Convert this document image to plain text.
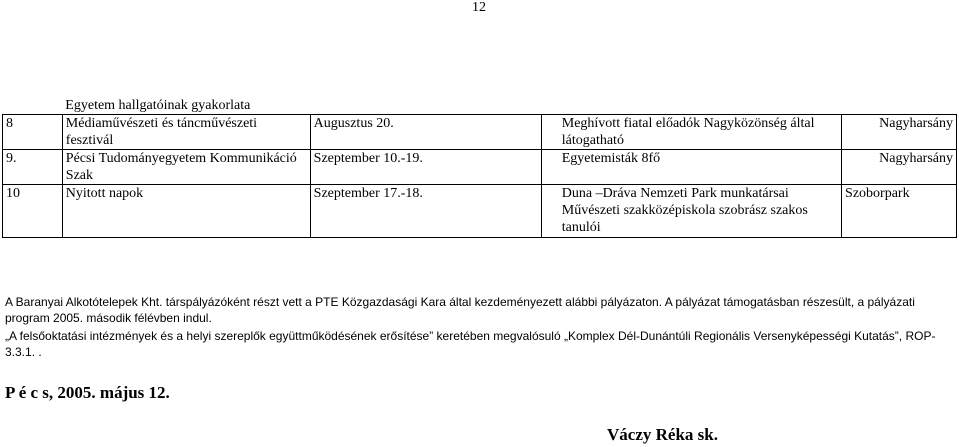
12
	Egyetem hallgatóinak gyakorlata			
8	Médiaművészeti és táncművészeti fesztivál	Augusztus 20.	Meghívott fiatal előadók Nagyközönség által látogatható	Nagyharsány
9.	Pécsi Tudományegyetem Kommunikáció Szak	Szeptember 10.-19.	Egyetemisták 8fő	Nagyharsány
10	Nyitott napok	Szeptember 17.-18.	Duna –Dráva Nemzeti Park munkatársai Művészeti szakközépiskola szobrász szakos tanulói	Szoborpark
A Baranyai Alkotótelepek Kht. társpályázóként részt vett a PTE Közgazdasági Kara által kezdeményezett alábbi pályázaton. A pályázat támogatásban részesült, a pályázati program 2005. második félévben indul.
„A felsőoktatási intézmények és a helyi szereplők együttműködésének erősítése” keretében megvalósuló „Komplex Dél-Dunántúli Regionális Versenyképességi Kutatás”, ROP-3.3.1. .
P é c s, 2005. május 12.
Váczy Réka sk.
